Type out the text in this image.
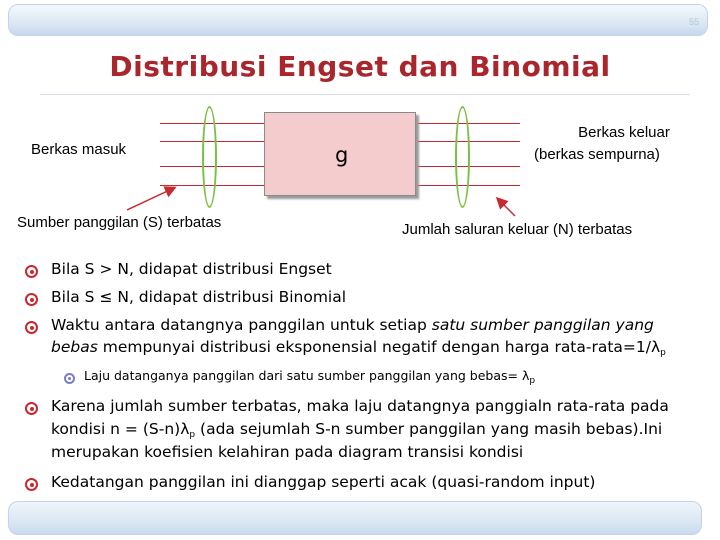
55
Distribusi Engset dan Binomial
g
Berkas masuk
Berkas keluar
(berkas sempurna)
Sumber panggilan (S) terbatas	Jumlah saluran keluar (N) terbatas
Bila S > N, didapat distribusi Engset
Bila S ≤ N, didapat distribusi Binomial
Waktu antara datangnya panggilan untuk setiap satu sumber panggilan yang
bebas mempunyai distribusi eksponensial negatif dengan harga rata-$rata=1/\lambda_p$
Laju datanganya panggilan dari satu sumber panggilan yang bebas= $\lambda_p$
Karena jumlah sumber terbatas, maka laju datangnya panggialn rata-rata pada
kondisi $n = (S-n)\lambda_p$ (ada sejumlah S-n sumber panggilan yang masih bebas).Ini
merupakan koefisien kelahiran pada diagram transisi kondisi
Kedatangan panggilan ini dianggap seperti acak (quasi-random input)
